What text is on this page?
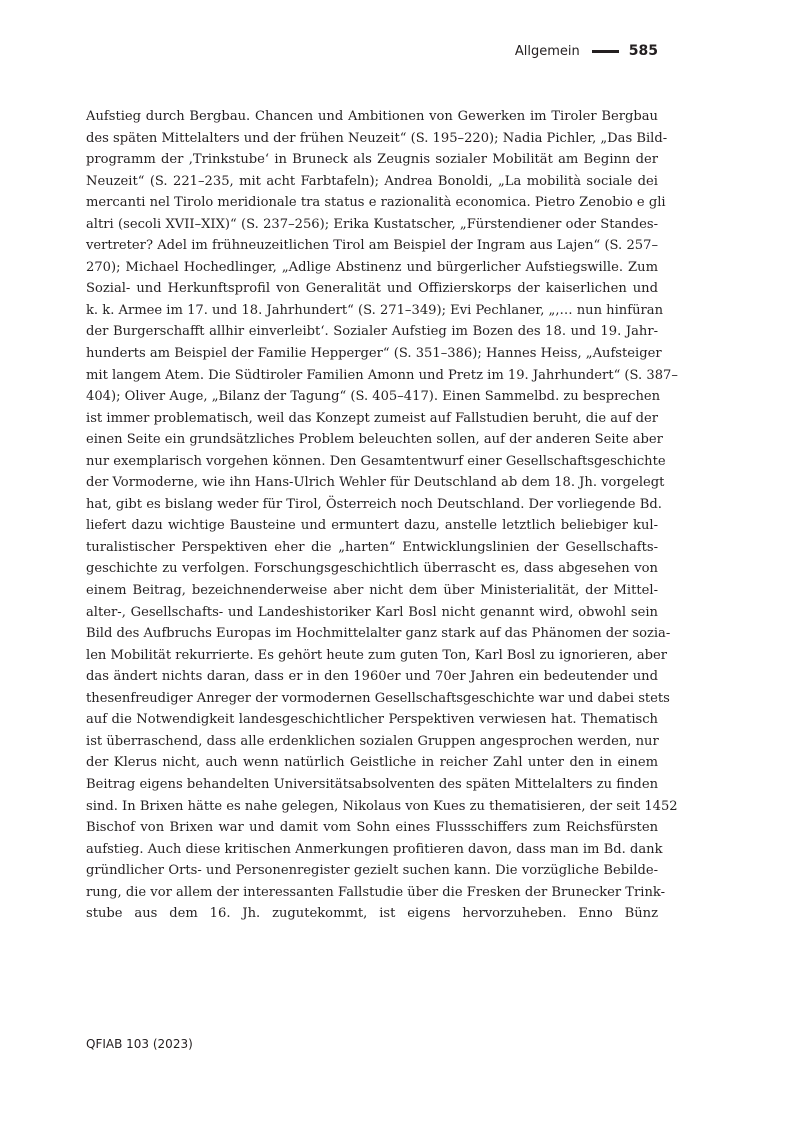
Allgemein	585
Aufstieg durch Bergbau. Chancen und Ambitionen von Gewerken im Tiroler Bergbau
des späten Mittelalters und der frühen Neuzeit“ (S. 195–220); Nadia Pichler, „Das Bild-
programm der ‚Trinkstube‘ in Bruneck als Zeugnis sozialer Mobilität am Beginn der
Neuzeit“ (S. 221–235, mit acht Farbtafeln); Andrea Bonoldi, „La mobilità sociale dei
mercanti nel Tirolo meridionale tra status e razionalità economica. Pietro Zenobio e gli
altri (secoli XVII–XIX)“ (S. 237–256); Erika Kustatscher, „Fürstendiener oder Standes-
vertreter? Adel im frühneuzeitlichen Tirol am Beispiel der Ingram aus Lajen“ (S. 257–
270); Michael Hochedlinger, „Adlige Abstinenz und bürgerlicher Aufstiegswille. Zum
Sozial- und Herkunftsprofil von Generalität und Offizierskorps der kaiserlichen und
k. k. Armee im 17. und 18. Jahrhundert“ (S. 271–349); Evi Pechlaner, „‚… nun hinfüran
der Burgerschafft allhir einverleibt‘. Sozialer Aufstieg im Bozen des 18. und 19. Jahr-
hunderts am Beispiel der Familie Hepperger“ (S. 351–386); Hannes Heiss, „Aufsteiger
mit langem Atem. Die Südtiroler Familien Amonn und Pretz im 19. Jahrhundert“ (S. 387–
404); Oliver Auge, „Bilanz der Tagung“ (S. 405–417). Einen Sammelbd. zu besprechen
ist immer problematisch, weil das Konzept zumeist auf Fallstudien beruht, die auf der
einen Seite ein grundsätzliches Problem beleuchten sollen, auf der anderen Seite aber
nur exemplarisch vorgehen können. Den Gesamtentwurf einer Gesellschaftsgeschichte
der Vormoderne, wie ihn Hans-Ulrich Wehler für Deutschland ab dem 18. Jh. vorgelegt
hat, gibt es bislang weder für Tirol, Österreich noch Deutschland. Der vorliegende Bd.
liefert dazu wichtige Bausteine und ermuntert dazu, anstelle letztlich beliebiger kul-
turalistischer Perspektiven eher die „harten“ Entwicklungslinien der Gesellschafts-
geschichte zu verfolgen. Forschungsgeschichtlich überrascht es, dass abgesehen von
einem Beitrag, bezeichnenderweise aber nicht dem über Ministerialität, der Mittel-
alter-, Gesellschafts- und Landeshistoriker Karl Bosl nicht genannt wird, obwohl sein
Bild des Aufbruchs Europas im Hochmittelalter ganz stark auf das Phänomen der sozia-
len Mobilität rekurrierte. Es gehört heute zum guten Ton, Karl Bosl zu ignorieren, aber
das ändert nichts daran, dass er in den 1960er und 70er Jahren ein bedeutender und
thesenfreudiger Anreger der vormodernen Gesellschaftsgeschichte war und dabei stets
auf die Notwendigkeit landesgeschichtlicher Perspektiven verwiesen hat. Thematisch
ist überraschend, dass alle erdenklichen sozialen Gruppen angesprochen werden, nur
der Klerus nicht, auch wenn natürlich Geistliche in reicher Zahl unter den in einem
Beitrag eigens behandelten Universitätsabsolventen des späten Mittelalters zu finden
sind. In Brixen hätte es nahe gelegen, Nikolaus von Kues zu thematisieren, der seit 1452
Bischof von Brixen war und damit vom Sohn eines Flussschiffers zum Reichsfürsten
aufstieg. Auch diese kritischen Anmerkungen profitieren davon, dass man im Bd. dank
gründlicher Orts- und Personenregister gezielt suchen kann. Die vorzügliche Bebilde-
rung, die vor allem der interessanten Fallstudie über die Fresken der Brunecker Trink-
stube aus dem 16. Jh. zugutekommt, ist eigens hervorzuheben. Enno Bünz
QFIAB 103 (2023)
